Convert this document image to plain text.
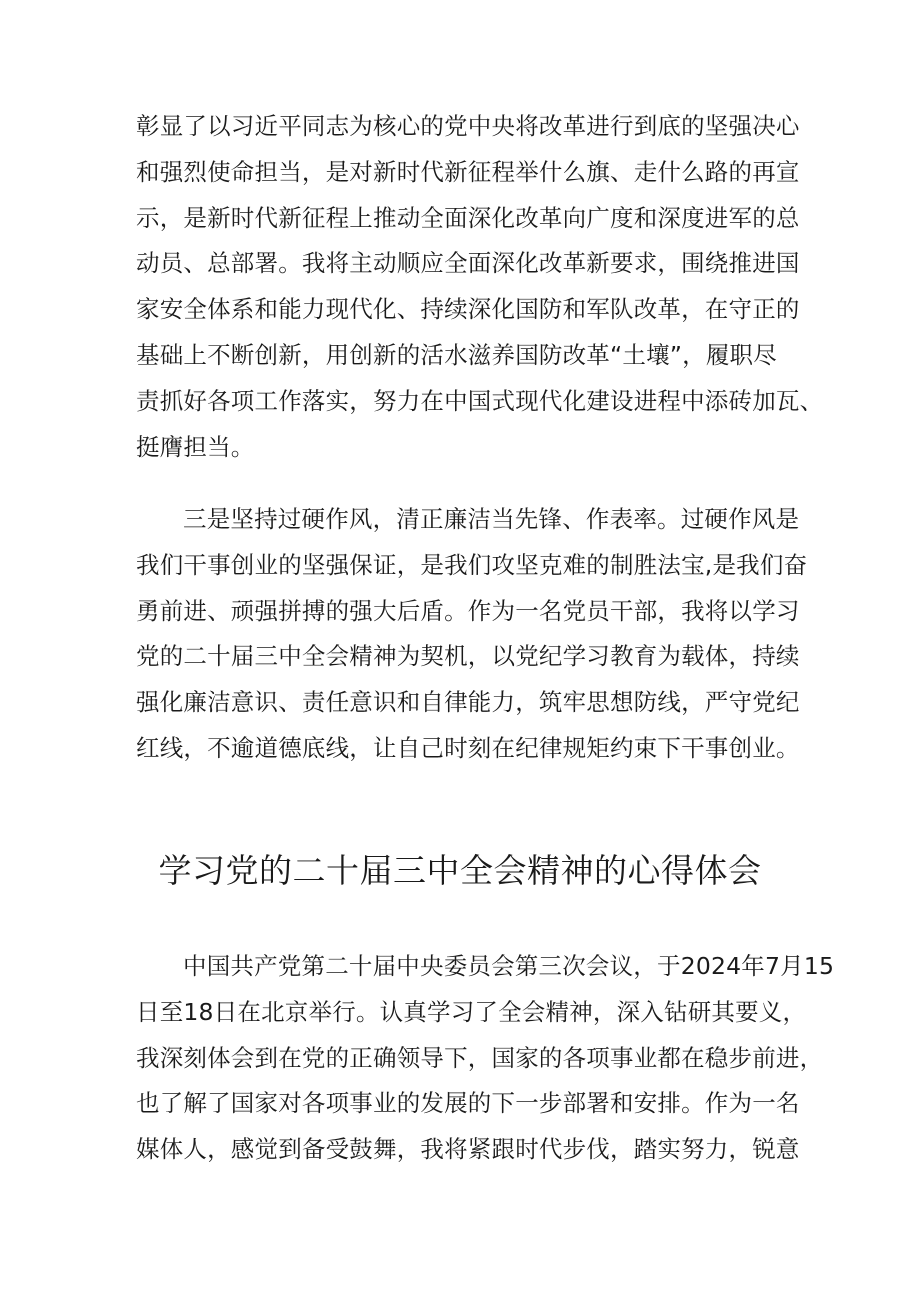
彰显了以习近平同志为核心的党中央将改革进行到底的坚强决心
和强烈使命担当，是对新时代新征程举什么旗、走什么路的再宣
示，是新时代新征程上推动全面深化改革向广度和深度进军的总
动员、总部署。我将主动顺应全面深化改革新要求，围绕推进国
家安全体系和能力现代化、持续深化国防和军队改革，在守正的
基础上不断创新，用创新的活水滋养国防改革“土壤”，履职尽
责抓好各项工作落实，努力在中国式现代化建设进程中添砖加瓦、
挺膺担当。
三是坚持过硬作风，清正廉洁当先锋、作表率。过硬作风是
我们干事创业的坚强保证，是我们攻坚克难的制胜法宝,是我们奋
勇前进、顽强拼搏的强大后盾。作为一名党员干部，我将以学习
党的二十届三中全会精神为契机，以党纪学习教育为载体，持续
强化廉洁意识、责任意识和自律能力，筑牢思想防线，严守党纪
红线，不逾道德底线，让自己时刻在纪律规矩约束下干事创业。
学习党的二十届三中全会精神的心得体会
中国共产党第二十届中央委员会第三次会议，于2024年7月15
日至18日在北京举行。认真学习了全会精神，深入钻研其要义，
我深刻体会到在党的正确领导下，国家的各项事业都在稳步前进，
也了解了国家对各项事业的发展的下一步部署和安排。作为一名
媒体人，感觉到备受鼓舞，我将紧跟时代步伐，踏实努力，锐意
